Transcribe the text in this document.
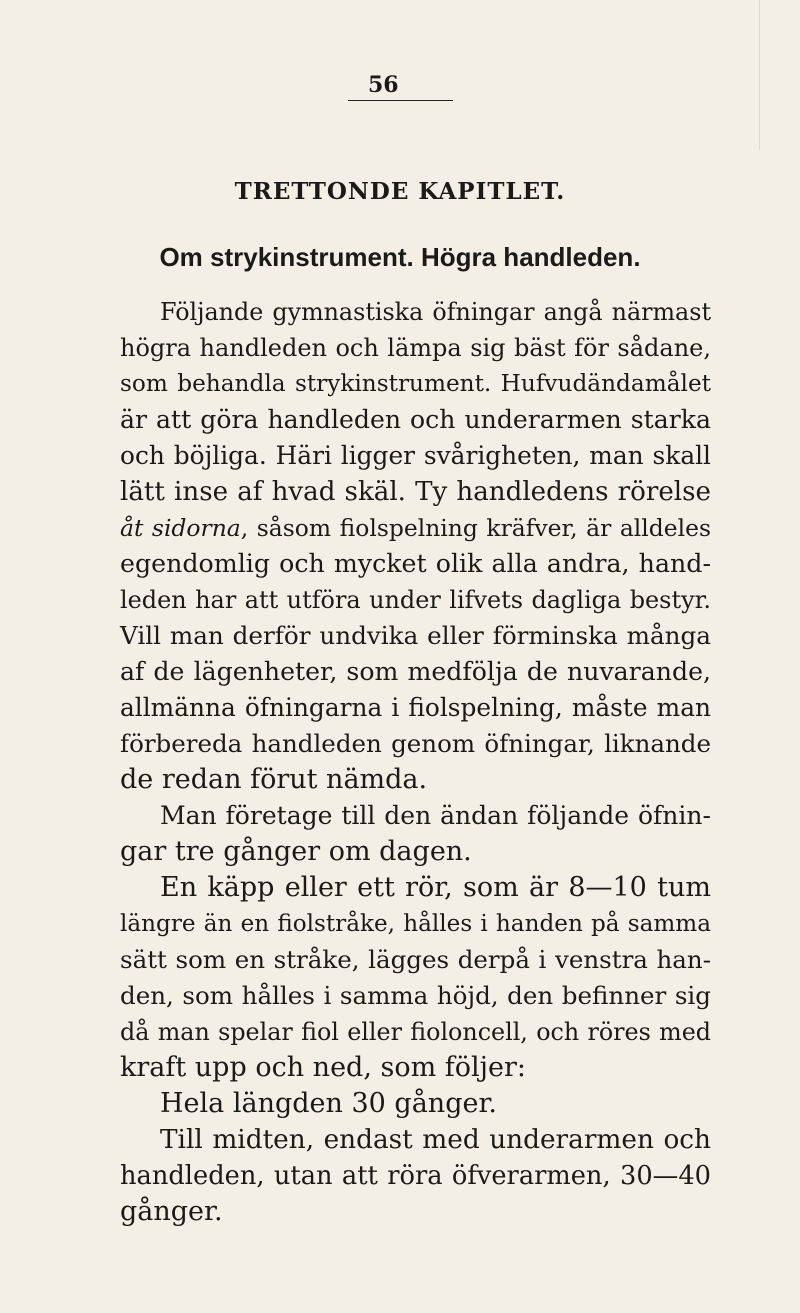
56
TRETTONDE KAPITLET.
Om strykinstrument. Högra handleden.
Följande gymnastiska öfningar angå närmast
högra handleden och lämpa sig bäst för sådane,
som behandla strykinstrument. Hufvudändamålet
är att göra handleden och underarmen starka
och böjliga. Häri ligger svårigheten, man skall
lätt inse af hvad skäl. Ty handledens rörelse
åt sidorna, såsom fiolspelning kräfver, är alldeles
egendomlig och mycket olik alla andra, hand-
leden har att utföra under lifvets dagliga bestyr.
Vill man derför undvika eller förminska många
af de lägenheter, som medfölja de nuvarande,
allmänna öfningarna i fiolspelning, måste man
förbereda handleden genom öfningar, liknande
de redan förut nämda.
Man företage till den ändan följande öfnin-
gar tre gånger om dagen.
En käpp eller ett rör, som är 8—10 tum
längre än en fiolstråke, hålles i handen på samma
sätt som en stråke, lägges derpå i venstra han-
den, som hålles i samma höjd, den befinner sig
då man spelar fiol eller fioloncell, och röres med
kraft upp och ned, som följer:
Hela längden 30 gånger.
Till midten, endast med underarmen och
handleden, utan att röra öfverarmen, 30—40
gånger.
